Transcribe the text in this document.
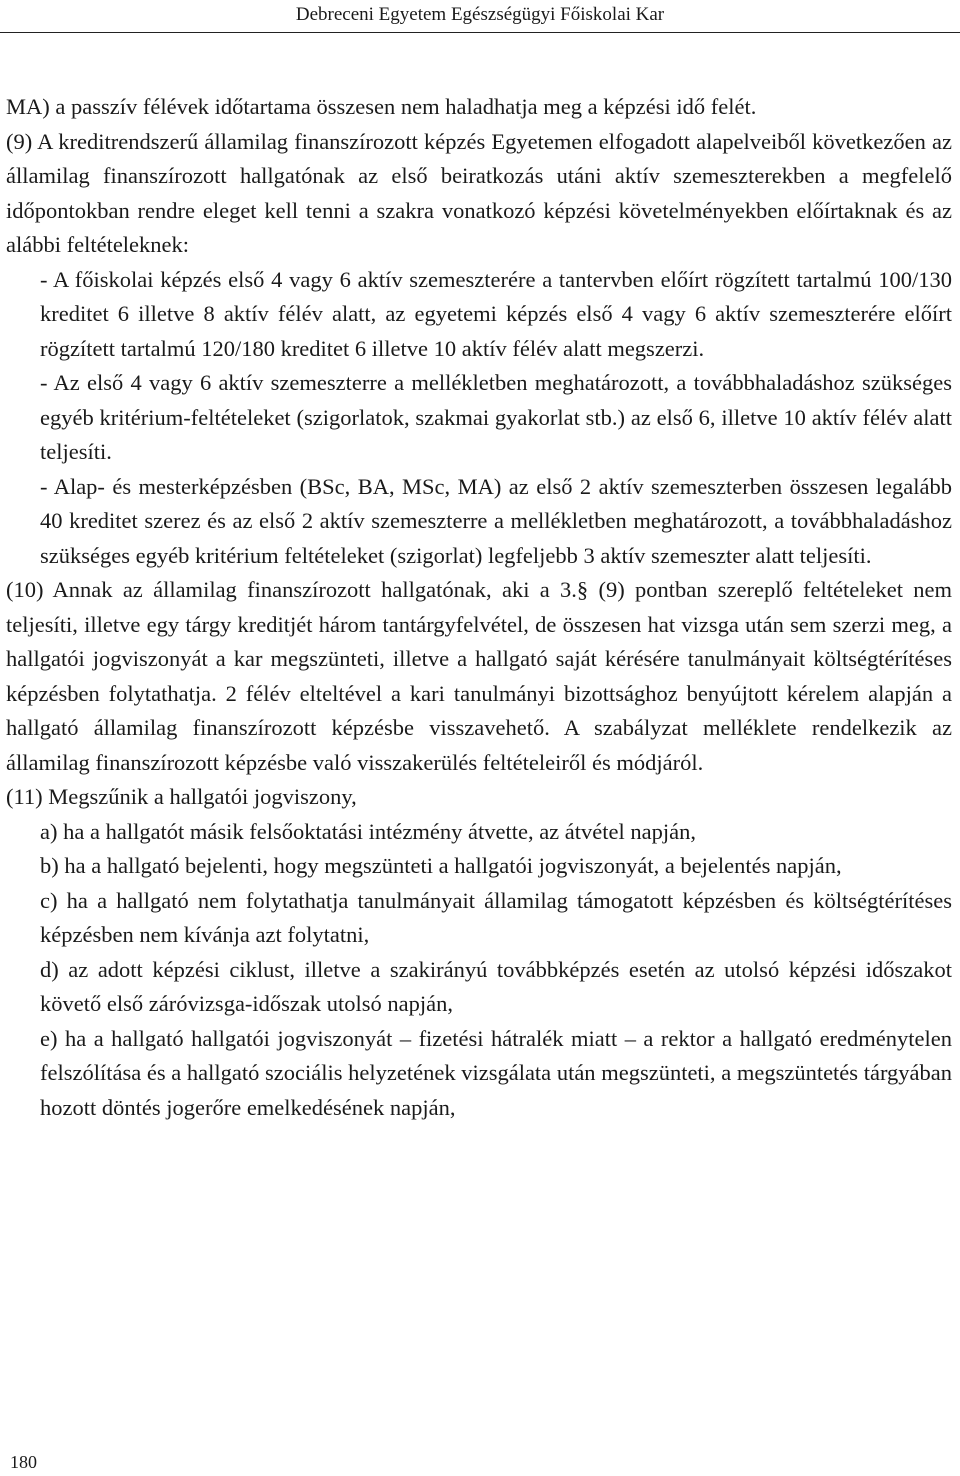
Debreceni Egyetem Egészségügyi Főiskolai Kar

MA) a passzív félévek időtartama összesen nem haladhatja meg a képzési idő felét.

(9) A kreditrendszerű államilag finanszírozott képzés Egyetemen elfogadott alapelveiből következően az államilag finanszírozott hallgatónak az első beiratkozás utáni aktív szemeszterekben a megfelelő időpontokban rendre eleget kell tenni a szakra vonatkozó képzési követelményekben előírtaknak és az alábbi feltételeknek:

- A főiskolai képzés első 4 vagy 6 aktív szemeszterére a tantervben előírt rögzített tartalmú 100/130 kreditet 6 illetve 8 aktív félév alatt, az egyetemi képzés első 4 vagy 6 aktív szemeszterére előírt rögzített tartalmú 120/180 kreditet 6 illetve 10 aktív félév alatt megszerzi.

- Az első 4 vagy 6 aktív szemeszterre a mellékletben meghatározott, a továbbhaladáshoz szükséges egyéb kritérium-feltételeket (szigorlatok, szakmai gyakorlat stb.) az első 6, illetve 10 aktív félév alatt teljesíti.

- Alap- és mesterképzésben (BSc, BA, MSc, MA) az első 2 aktív szemeszterben összesen legalább 40 kreditet szerez és az első 2 aktív szemeszterre a mellékletben meghatározott, a továbbhaladáshoz szükséges egyéb kritérium feltételeket (szigorlat) legfeljebb 3 aktív szemeszter alatt teljesíti.

(10) Annak az államilag finanszírozott hallgatónak, aki a 3.§ (9) pontban szereplő feltételeket nem teljesíti, illetve egy tárgy kreditjét három tantárgyfelvétel, de összesen hat vizsga után sem szerzi meg, a hallgatói jogviszonyát a kar megszünteti, illetve a hallgató saját kérésére tanulmányait költségtérítéses képzésben folytathatja. 2 félév elteltével a kari tanulmányi bizottsághoz benyújtott kérelem alapján a hallgató államilag finanszírozott képzésbe visszavehető. A szabályzat melléklete rendelkezik az államilag finanszírozott képzésbe való visszakerülés feltételeiről és módjáról.

(11) Megszűnik a hallgatói jogviszony,

a) ha a hallgatót másik felsőoktatási intézmény átvette, az átvétel napján,

b) ha a hallgató bejelenti, hogy megszünteti a hallgatói jogviszonyát, a bejelentés napján,

c) ha a hallgató nem folytathatja tanulmányait államilag támogatott képzésben és költségtérítéses képzésben nem kívánja azt folytatni,

d) az adott képzési ciklust, illetve a szakirányú továbbképzés esetén az utolsó képzési időszakot követő első záróvizsga-időszak utolsó napján,

e) ha a hallgató hallgatói jogviszonyát – fizetési hátralék miatt – a rektor a hallgató eredménytelen felszólítása és a hallgató szociális helyzetének vizsgálata után megszünteti, a megszüntetés tárgyában hozott döntés jogerőre emelkedésének napján,

180
